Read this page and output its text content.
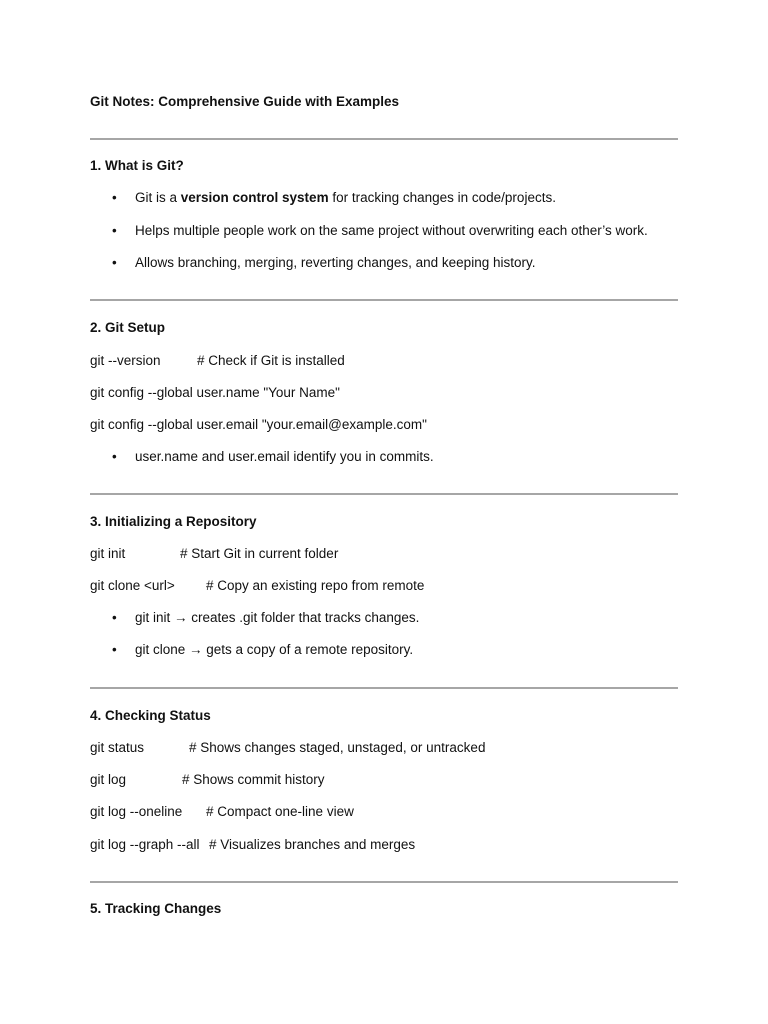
Git Notes: Comprehensive Guide with Examples
1. What is Git?
• Git is a version control system for tracking changes in code/projects.
• Helps multiple people work on the same project without overwriting each other’s work.
• Allows branching, merging, reverting changes, and keeping history.
2. Git Setup
git --version	# Check if Git is installed
git config --global user.name "Your Name"
git config --global user.email "your.email@example.com"
• user.name and user.email identify you in commits.
3. Initializing a Repository
git init	# Start Git in current folder
git clone <url> # Copy an existing repo from remote
• git init → creates .git folder that tracks changes.
• git clone → gets a copy of a remote repository.
4. Checking Status
git status	# Shows changes staged, unstaged, or untracked
git log	# Shows commit history
git log --oneline # Compact one-line view
git log --graph --all # Visualizes branches and merges
5. Tracking Changes
